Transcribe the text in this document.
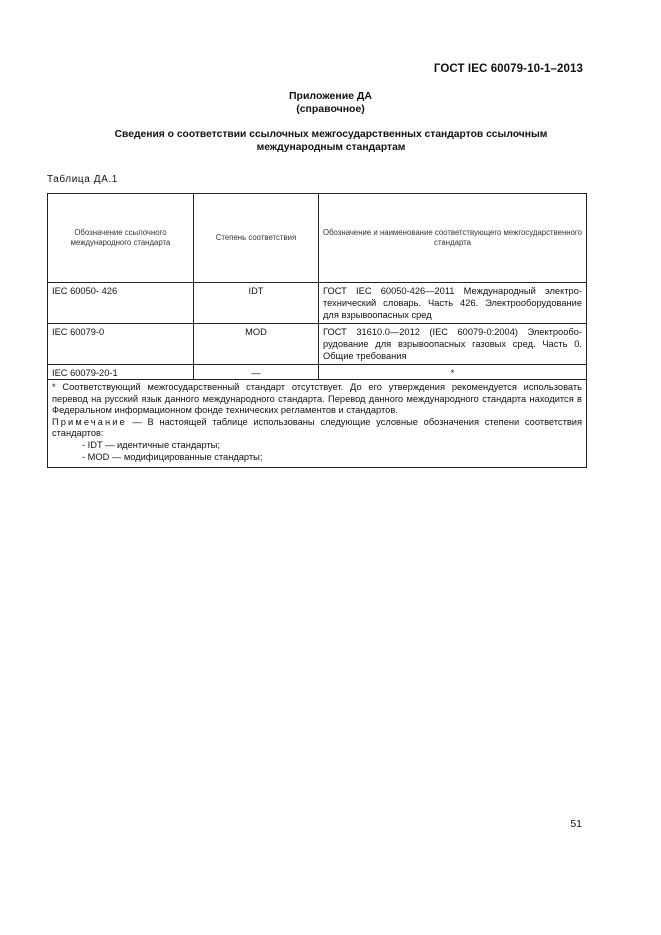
ГОСТ IEC 60079-10-1–2013
Приложение ДА
(справочное)
Сведения о соответствии ссылочных межгосударственных стандартов ссылочным международным стандартам
Таблица ДА.1
Обозначение ссылочного международного стандарта	Степень соответствия	Обозначение и наименование соответствующего межгосударственного стандарта
IEC 60050- 426	IDT	ГОСТ IEC 60050-426—2011 Международный электротехнический словарь. Часть 426. Электрооборудование для взрывоопасных сред
IEC 60079-0	MOD	ГОСТ 31610.0—2012 (IEC 60079-0:2004) Электрооборудование для взрывоопасных газовых сред. Часть 0. Общие требования
IEC 60079-20-1	—	*

* Соответствующий межгосударственный стандарт отсутствует. До его утверждения рекомендуется использовать перевод на русский язык данного международного стандарта. Перевод данного международного стандарта находится в Федеральном информационном фонде технических регламентов и стандартов.
Примечание — В настоящей таблице использованы следующие условные обозначения степени соответствия стандартов:
- IDT — идентичные стандарты;
- MOD — модифицированные стандарты;		
51
